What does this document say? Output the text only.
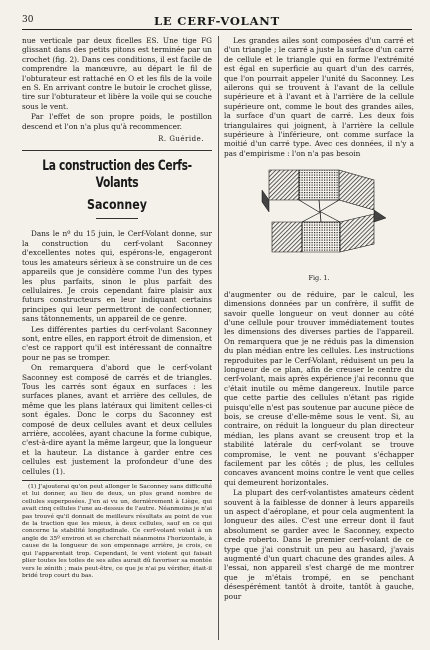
30	LE CERF-VOLANT

nue verticale par deux ficelles ES. Une tige FG glissant dans des petits pitons est terminée par un crochet (fig. 2). Dans ces conditions, il est facile de comprendre la manœuvre, au départ le fil de l'obturateur est rattaché en O et les fils de la voile en S. En arrivant contre le butoir le crochet glisse, tire sur l'obturateur et libère la voile qui se couche sous le vent.

Par l'effet de son propre poids, le postillon descend et l'on n'a plus qu'à recommencer.

R. Guéride.
La construction des Cerfs-Volants
Saconney

Dans le nº du 15 juin, le Cerf-Volant donne, sur la construction du cerf-volant Saconney d'excellentes notes qui, espérons-le, engageront tous les amateurs sérieux à se construire un de ces appareils que je considère comme l'un des types les plus parfaits, sinon le plus parfait des cellulaires. Je crois cependant faire plaisir aux futurs constructeurs en leur indiquant certains principes qui leur permettront de confectionner, sans tâtonnements, un appareil de ce genre.

Les différentes parties du cerf-volant Saconney sont, entre elles, en rapport étroit de dimension, et c'est ce rapport qu'il est intéressant de connaître pour ne pas se tromper.

On remarquera d'abord que le cerf-volant Saconney est composé de carrés et de triangles. Tous les carrés sont égaux en surfaces : les surfaces planes, avant et arrière des cellules, de même que les plans latéraux qui limitent celles-ci sont égales. Donc le corps du Saconney est composé de deux cellules avant et deux cellules arrière, accolées, ayant chacune la forme cubique, c'est-à-dire ayant la même largeur, que la longueur et la hauteur. La distance à garder entre ces cellules est justement la profondeur d'une des cellules (1).

(1) J'ajouterai qu'on peut allonger le Saconney sans difficulté et lui donner, au lieu de deux, un plus grand nombre de cellules superposées. J'en ai vu un, dernièrement à Liège, qui avait cinq cellules l'une au-dessus de l'autre. Néanmoins je n'ai pas trouvé qu'il donnait de meilleurs résultats au point de vue de la traction que les mieux, à deux cellules, sauf en ce qui concerne la stabilité longitudinale. Ce cerf-volant volait à un angle de 35º environ et se cherchait néanmoins l'horizontale, à cause de la longueur de son empennage arrière, je crois, ce qui l'apparentait trop. Cependant, le vent violent qui faisait plier toutes les toiles de ses ailes aurait dû favoriser sa montée vers le zénith ; mais peut-être, ce que je n'ai pu vérifier, était-il bridé trop court du bas.

Les grandes ailes sont composées d'un carré et d'un triangle ; le carré a juste la surface d'un carré de cellule et le triangle qui en forme l'extrémité est égal en superficie au quart d'un des carrés, que l'on pourrait appeler l'unité du Saconney. Les ailerons qui se trouvent à l'avant de la cellule supérieure et à l'avant et à l'arrière de la cellule supérieure ont, comme le bout des grandes ailes, la surface d'un quart de carré. Les deux fois triangulaires qui joignent, à l'arrière la cellule supérieure à l'inférieure, ont comme surface la moitié d'un carré type. Avec ces données, il n'y a pas d'empirisme : l'on n'a pas besoin

Fig. 1.

d'augmenter ou de réduire, par le calcul, les dimensions données par un confrère, il suffit de savoir quelle longueur on veut donner au côté d'une cellule pour trouver immédiatement toutes les dimensions des diverses parties de l'appareil. On remarquera que je ne réduis pas la dimension du plan médian entre les cellules. Les instructions reproduites par le Cerf-Volant, réduisent un peu la longueur de ce plan, afin de creuser le centre du cerf-volant, mais après expérience j'ai reconnu que c'était inutile ou même dangereux. Inutile parce que cette partie des cellules n'étant pas rigide puisqu'elle n'est pas soutenue par aucune pièce de bois, se creuse d'elle-même sous le vent. Si, au contraire, on réduit la longueur du plan directeur médian, les plans avant se creusent trop et la stabilité latérale du cerf-volant se trouve compromise, le vent ne pouvant s'échapper facilement par les côtés ; de plus, les cellules concaves avancent moins contre le vent que celles qui demeurent horizontales.

La plupart des cerf-volantistes amateurs cèdent souvent à la faiblesse de donner à leurs appareils un aspect d'aéroplane, et pour cela augmentent la longueur des ailes. C'est une erreur dont il faut absolument se garder avec le Saconney, expecto crede roberto. Dans le premier cerf-volant de ce type que j'ai construit un peu au hasard, j'avais augmenté d'un quart chacune des grandes ailes. A l'essai, non appareil s'est chargé de me montrer que je m'étais trompé, en se penchant désespérément tantôt à droite, tantôt à gauche, pour
